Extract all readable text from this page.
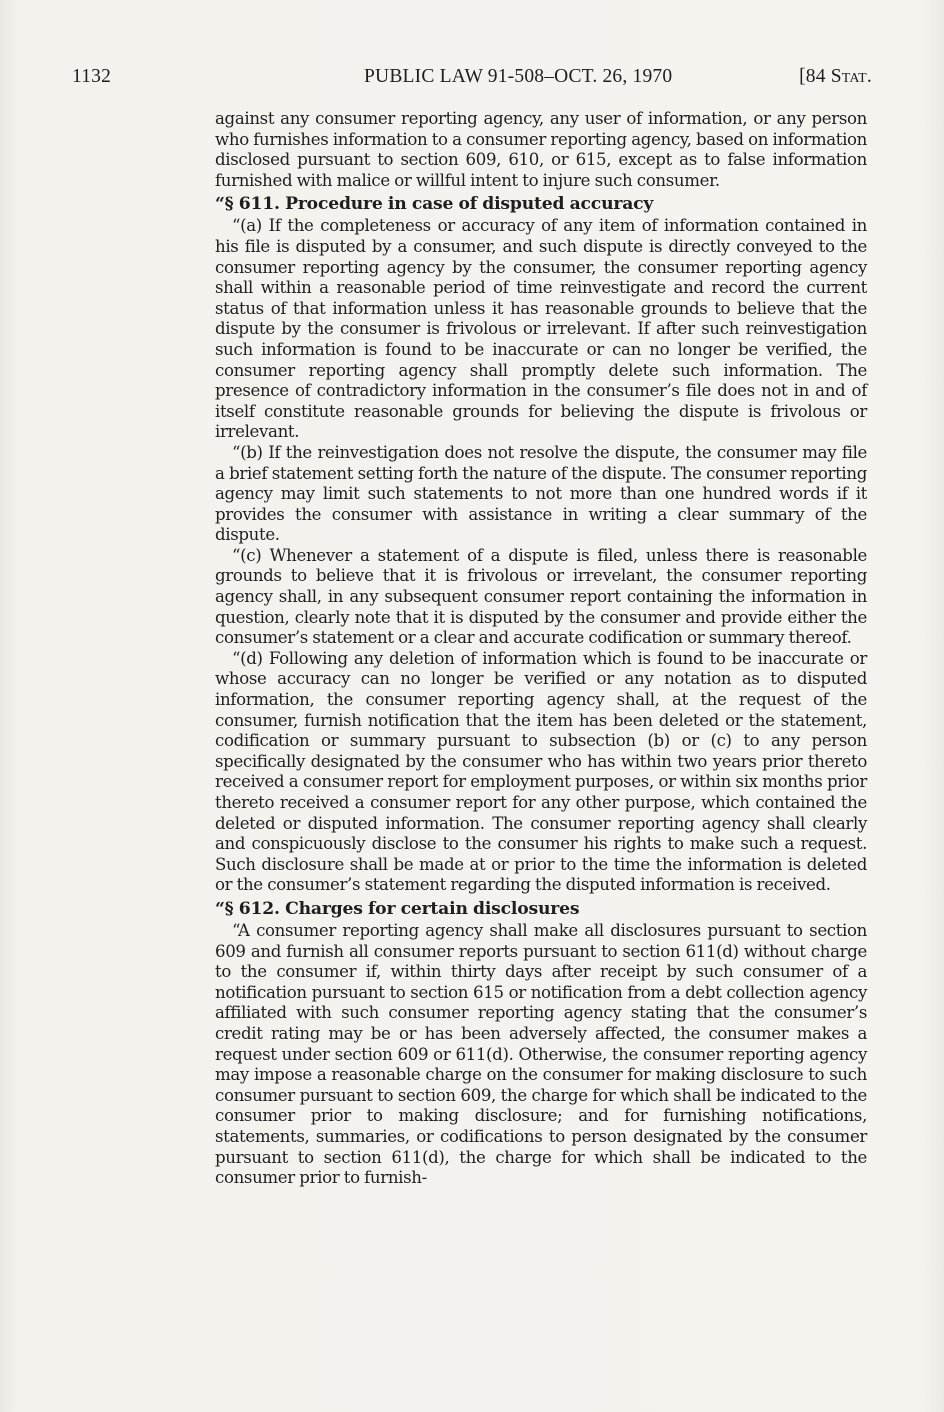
1132	PUBLIC LAW 91-508–OCT. 26, 1970	[84 Stat.

against any consumer reporting agency, any user of information, or any person who furnishes information to a consumer reporting agency, based on information disclosed pursuant to section 609, 610, or 615, except as to false information furnished with malice or willful intent to injure such consumer.

“§ 611. Procedure in case of disputed accuracy

“(a) If the completeness or accuracy of any item of information contained in his file is disputed by a consumer, and such dispute is directly conveyed to the consumer reporting agency by the consumer, the consumer reporting agency shall within a reasonable period of time reinvestigate and record the current status of that information unless it has reasonable grounds to believe that the dispute by the consumer is frivolous or irrelevant. If after such reinvestigation such information is found to be inaccurate or can no longer be verified, the consumer reporting agency shall promptly delete such information. The presence of contradictory information in the consumer’s file does not in and of itself constitute reasonable grounds for believing the dispute is frivolous or irrelevant.

“(b) If the reinvestigation does not resolve the dispute, the consumer may file a brief statement setting forth the nature of the dispute. The consumer reporting agency may limit such statements to not more than one hundred words if it provides the consumer with assistance in writing a clear summary of the dispute.

“(c) Whenever a statement of a dispute is filed, unless there is reasonable grounds to believe that it is frivolous or irrevelant, the consumer reporting agency shall, in any subsequent consumer report containing the information in question, clearly note that it is disputed by the consumer and provide either the consumer’s statement or a clear and accurate codification or summary thereof.

“(d) Following any deletion of information which is found to be inaccurate or whose accuracy can no longer be verified or any notation as to disputed information, the consumer reporting agency shall, at the request of the consumer, furnish notification that the item has been deleted or the statement, codification or summary pursuant to subsection (b) or (c) to any person specifically designated by the consumer who has within two years prior thereto received a consumer report for employment purposes, or within six months prior thereto received a consumer report for any other purpose, which contained the deleted or disputed information. The consumer reporting agency shall clearly and conspicuously disclose to the consumer his rights to make such a request. Such disclosure shall be made at or prior to the time the information is deleted or the consumer’s statement regarding the disputed information is received.

“§ 612. Charges for certain disclosures

“A consumer reporting agency shall make all disclosures pursuant to section 609 and furnish all consumer reports pursuant to section 611(d) without charge to the consumer if, within thirty days after receipt by such consumer of a notification pursuant to section 615 or notification from a debt collection agency affiliated with such consumer reporting agency stating that the consumer’s credit rating may be or has been adversely affected, the consumer makes a request under section 609 or 611(d). Otherwise, the consumer reporting agency may impose a reasonable charge on the consumer for making disclosure to such consumer pursuant to section 609, the charge for which shall be indicated to the consumer prior to making disclosure; and for furnishing notifications, statements, summaries, or codifications to person designated by the consumer pursuant to section 611(d), the charge for which shall be indicated to the consumer prior to furnish-
